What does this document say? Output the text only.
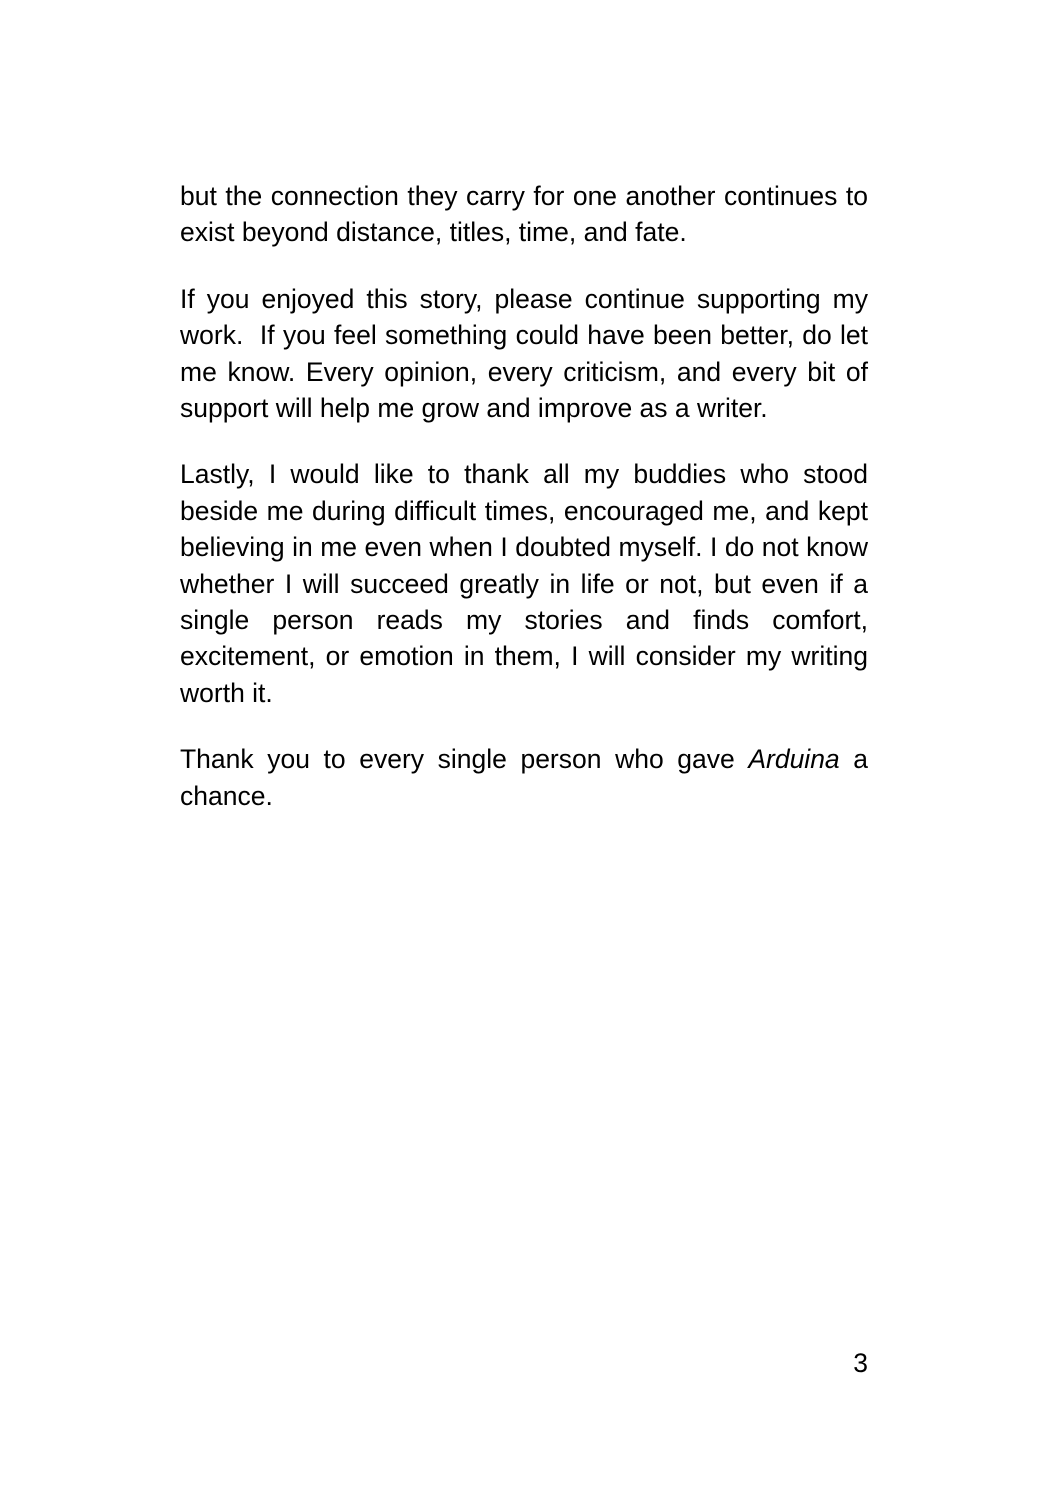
but the connection they carry for one another continues to exist beyond distance, titles, time, and fate.

If you enjoyed this story, please continue supporting my work.  If you feel something could have been better, do let me know. Every opinion, every criticism, and every bit of support will help me grow and improve as a writer.

Lastly, I would like to thank all my buddies who stood beside me during difficult times, encouraged me, and kept believing in me even when I doubted myself. I do not know whether I will succeed greatly in life or not, but even if a single person reads my stories and finds comfort, excitement, or emotion in them, I will consider my writing worth it.

Thank you to every single person who gave Arduina a chance.

3
